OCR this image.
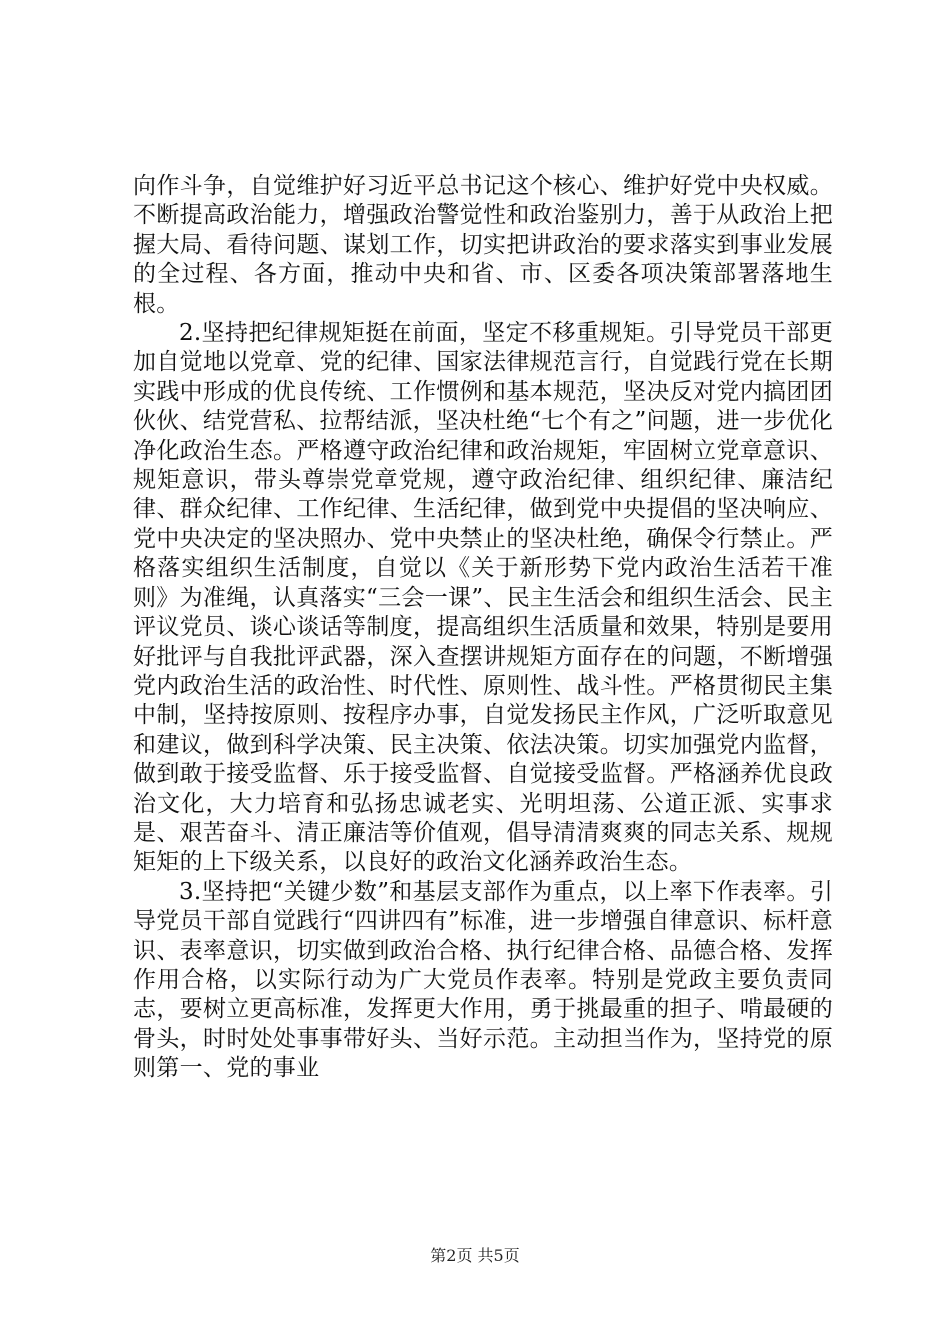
向作斗争，自觉维护好习近平总书记这个核心、维护好党中央权威。不断提高政治能力，增强政治警觉性和政治鉴别力，善于从政治上把握大局、看待问题、谋划工作，切实把讲政治的要求落实到事业发展的全过程、各方面，推动中央和省、市、区委各项决策部署落地生根。

2.坚持把纪律规矩挺在前面，坚定不移重规矩。引导党员干部更加自觉地以党章、党的纪律、国家法律规范言行，自觉践行党在长期实践中形成的优良传统、工作惯例和基本规范，坚决反对党内搞团团伙伙、结党营私、拉帮结派，坚决杜绝“七个有之”问题，进一步优化净化政治生态。严格遵守政治纪律和政治规矩，牢固树立党章意识、规矩意识，带头尊崇党章党规，遵守政治纪律、组织纪律、廉洁纪律、群众纪律、工作纪律、生活纪律，做到党中央提倡的坚决响应、党中央决定的坚决照办、党中央禁止的坚决杜绝，确保令行禁止。严格落实组织生活制度，自觉以《关于新形势下党内政治生活若干准则》为准绳，认真落实“三会一课”、民主生活会和组织生活会、民主评议党员、谈心谈话等制度，提高组织生活质量和效果，特别是要用好批评与自我批评武器，深入查摆讲规矩方面存在的问题，不断增强党内政治生活的政治性、时代性、原则性、战斗性。严格贯彻民主集中制，坚持按原则、按程序办事，自觉发扬民主作风，广泛听取意见和建议，做到科学决策、民主决策、依法决策。切实加强党内监督，做到敢于接受监督、乐于接受监督、自觉接受监督。严格涵养优良政治文化，大力培育和弘扬忠诚老实、光明坦荡、公道正派、实事求是、艰苦奋斗、清正廉洁等价值观，倡导清清爽爽的同志关系、规规矩矩的上下级关系，以良好的政治文化涵养政治生态。

3.坚持把“关键少数”和基层支部作为重点，以上率下作表率。引导党员干部自觉践行“四讲四有”标准，进一步增强自律意识、标杆意识、表率意识，切实做到政治合格、执行纪律合格、品德合格、发挥作用合格，以实际行动为广大党员作表率。特别是党政主要负责同志，要树立更高标准，发挥更大作用，勇于挑最重的担子、啃最硬的骨头，时时处处事事带好头、当好示范。主动担当作为，坚持党的原则第一、党的事业

第2页 共5页
